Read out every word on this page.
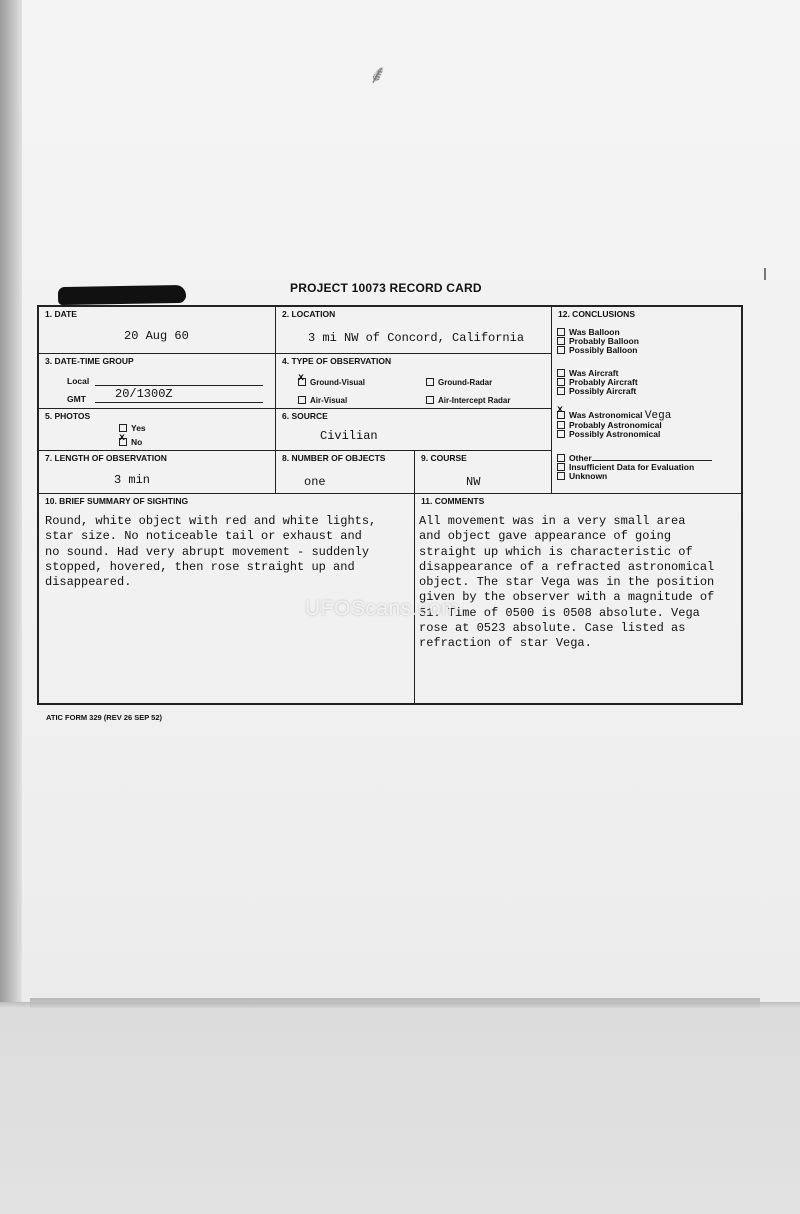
⸙
PROJECT 10073 RECORD CARD
1. DATE
20 Aug 60
2. LOCATION
3 mi NW of Concord, California
3. DATE-TIME GROUP
Local
GMT 20/1300Z
4. TYPE OF OBSERVATION
xGround-Visual	Ground-Radar
Air-Visual	Air-Intercept Radar
5. PHOTOS
Yes
xNo
6. SOURCE
Civilian
7. LENGTH OF OBSERVATION
3 min
8. NUMBER OF OBJECTS
one
9. COURSE
NW
12. CONCLUSIONS
Was Balloon
Probably Balloon
Possibly Balloon
Was Aircraft
Probably Aircraft
Possibly Aircraft
xWas Astronomical Vega
Probably Astronomical
Possibly Astronomical
Other
Insufficient Data for Evaluation
Unknown
10. BRIEF SUMMARY OF SIGHTING
Round, white object with red and white lights,
star size. No noticeable tail or exhaust and
no sound. Had very abrupt movement - suddenly
stopped, hovered, then rose straight up and
disappeared.
11. COMMENTS
All movement was in a very small area
and object gave appearance of going
straight up which is characteristic of
disappearance of a refracted astronomical
object. The star Vega was in the position
given by the observer with a magnitude of
51. Time of 0500 is 0508 absolute. Vega
rose at 0523 absolute. Case listed as
refraction of star Vega.
UFOScans.com
ATIC FORM 329 (REV 26 SEP 52)
